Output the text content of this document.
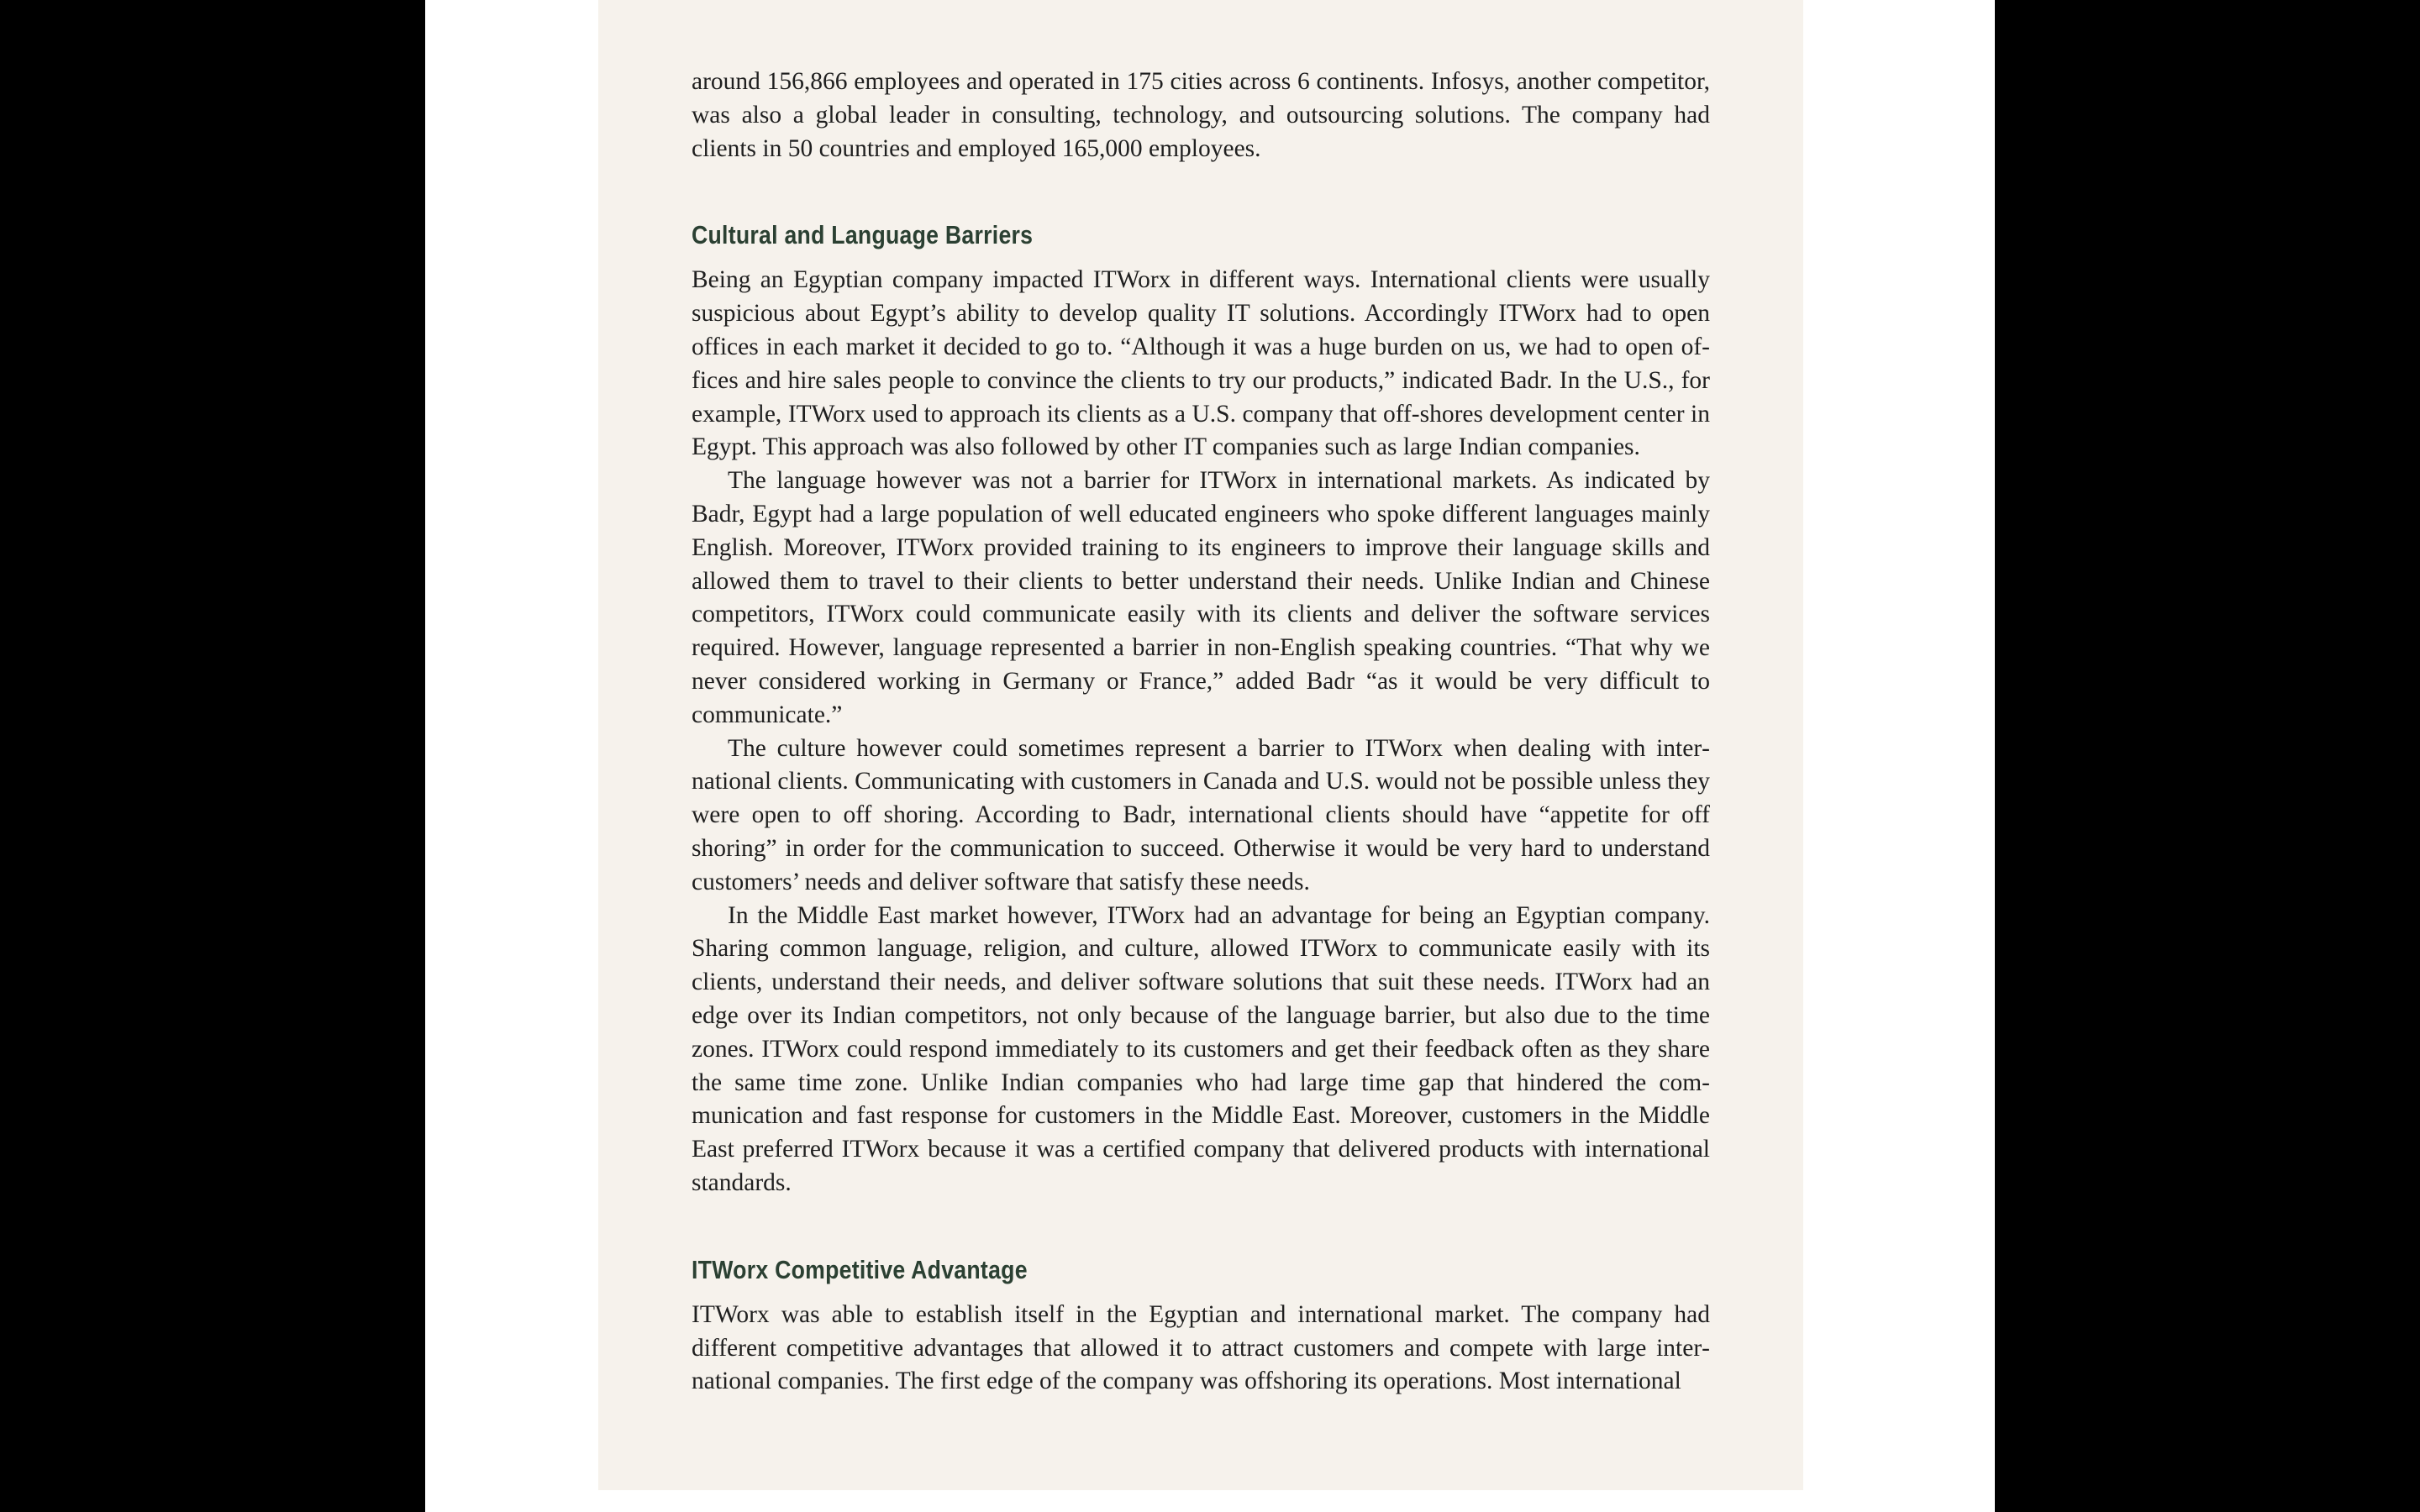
around 156,866 employees and operated in 175 cities across 6 continents. Infosys, another competitor, was also a global leader in consulting, technology, and outsourcing solutions. The company had clients in 50 countries and employed 165,000 employees.

Cultural and Language Barriers

Being an Egyptian company impacted ITWorx in different ways. International clients were usually suspicious about Egypt’s ability to develop quality IT solutions. Accordingly ITWorx had to open offices in each market it decided to go to. “Although it was a huge burden on us, we had to open offices and hire sales people to convince the clients to try our products,” indicated Badr. In the U.S., for example, ITWorx used to approach its clients as a U.S. company that off-shores development center in Egypt. This approach was also followed by other IT companies such as large Indian companies.

The language however was not a barrier for ITWorx in international markets. As indicated by Badr, Egypt had a large population of well educated engineers who spoke different languages mainly English. Moreover, ITWorx provided training to its engineers to improve their language skills and allowed them to travel to their clients to better understand their needs. Unlike Indian and Chinese competitors, ITWorx could communicate easily with its clients and deliver the software services required. However, language represented a barrier in non-English speaking countries. “That why we never considered working in Germany or France,” added Badr “as it would be very difficult to communicate.”

The culture however could sometimes represent a barrier to ITWorx when dealing with international clients. Communicating with customers in Canada and U.S. would not be possible unless they were open to off shoring. According to Badr, international clients should have “appetite for off shoring” in order for the communication to succeed. Otherwise it would be very hard to understand customers’ needs and deliver software that satisfy these needs.

In the Middle East market however, ITWorx had an advantage for being an Egyptian company. Sharing common language, religion, and culture, allowed ITWorx to communicate easily with its clients, understand their needs, and deliver software solutions that suit these needs. ITWorx had an edge over its Indian competitors, not only because of the language barrier, but also due to the time zones. ITWorx could respond immediately to its customers and get their feedback often as they share the same time zone. Unlike Indian companies who had large time gap that hindered the communication and fast response for customers in the Middle East. Moreover, customers in the Middle East preferred ITWorx because it was a certified company that delivered products with international standards.

ITWorx Competitive Advantage

ITWorx was able to establish itself in the Egyptian and international market. The company had different competitive advantages that allowed it to attract customers and compete with large international companies. The first edge of the company was offshoring its operations. Most international
